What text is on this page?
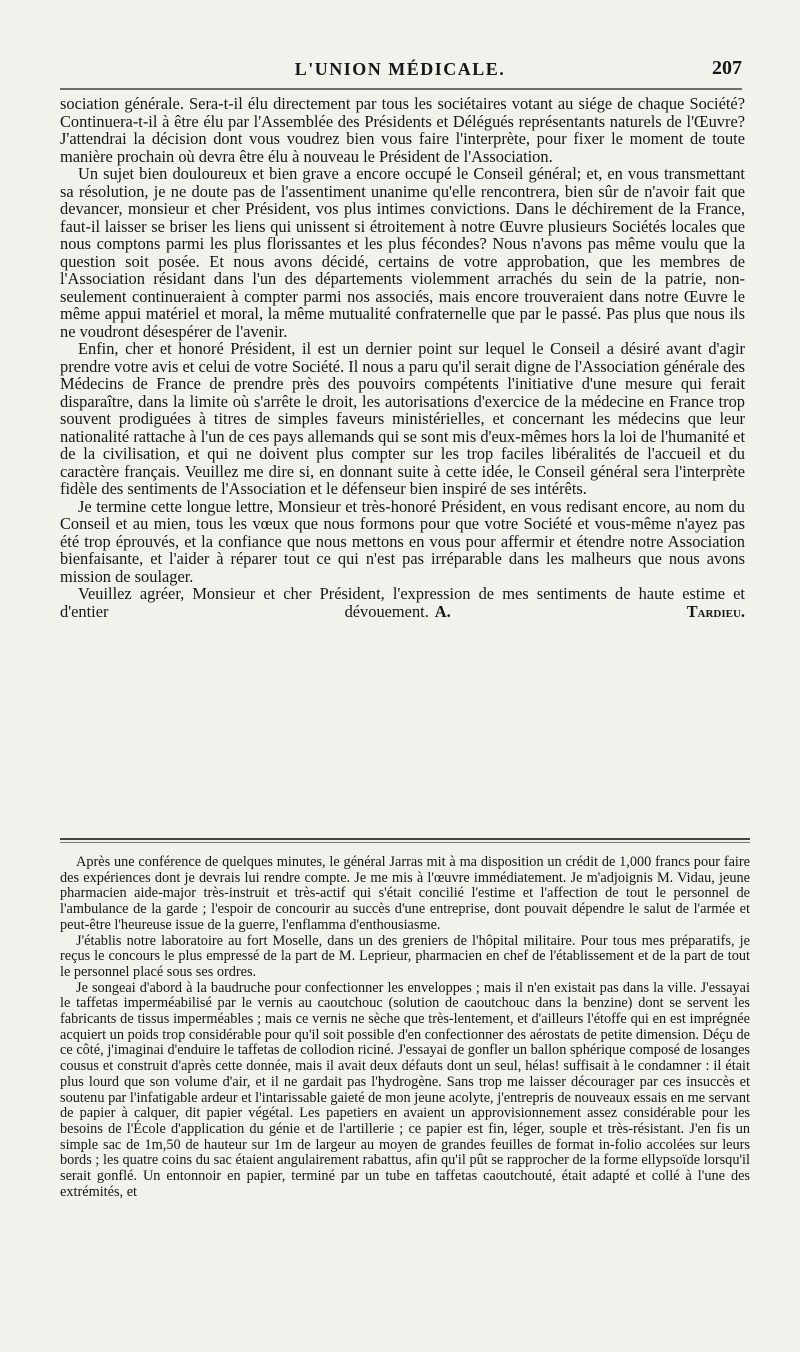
L'UNION MÉDICALE.	207

sociation générale. Sera-t-il élu directement par tous les sociétaires votant au siége de chaque Société? Continuera-t-il à être élu par l'Assemblée des Présidents et Délégués représentants naturels de l'Œuvre? J'attendrai la décision dont vous voudrez bien vous faire l'interprète, pour fixer le moment de toute manière prochain où devra être élu à nouveau le Président de l'Association.

Un sujet bien douloureux et bien grave a encore occupé le Conseil général; et, en vous transmettant sa résolution, je ne doute pas de l'assentiment unanime qu'elle rencontrera, bien sûr de n'avoir fait que devancer, monsieur et cher Président, vos plus intimes convictions. Dans le déchirement de la France, faut-il laisser se briser les liens qui unissent si étroitement à notre Œuvre plusieurs Sociétés locales que nous comptons parmi les plus florissantes et les plus fécondes? Nous n'avons pas même voulu que la question soit posée. Et nous avons décidé, certains de votre approbation, que les membres de l'Association résidant dans l'un des départements violemment arrachés du sein de la patrie, non-seulement continueraient à compter parmi nos associés, mais encore trouveraient dans notre Œuvre le même appui matériel et moral, la même mutualité confraternelle que par le passé. Pas plus que nous ils ne voudront désespérer de l'avenir.

Enfin, cher et honoré Président, il est un dernier point sur lequel le Conseil a désiré avant d'agir prendre votre avis et celui de votre Société. Il nous a paru qu'il serait digne de l'Association générale des Médecins de France de prendre près des pouvoirs compétents l'initiative d'une mesure qui ferait disparaître, dans la limite où s'arrête le droit, les autorisations d'exercice de la médecine en France trop souvent prodiguées à titres de simples faveurs ministérielles, et concernant les médecins que leur nationalité rattache à l'un de ces pays allemands qui se sont mis d'eux-mêmes hors la loi de l'humanité et de la civilisation, et qui ne doivent plus compter sur les trop faciles libéralités de l'accueil et du caractère français. Veuillez me dire si, en donnant suite à cette idée, le Conseil général sera l'interprète fidèle des sentiments de l'Association et le défenseur bien inspiré de ses intérêts.

Je termine cette longue lettre, Monsieur et très-honoré Président, en vous redisant encore, au nom du Conseil et au mien, tous les vœux que nous formons pour que votre Société et vous-même n'ayez pas été trop éprouvés, et la confiance que nous mettons en vous pour affermir et étendre notre Association bienfaisante, et l'aider à réparer tout ce qui n'est pas irréparable dans les malheurs que nous avons mission de soulager.

Veuillez agréer, Monsieur et cher Président, l'expression de mes sentiments de haute estime et d'entier dévouement. A. Tardieu.

Après une conférence de quelques minutes, le général Jarras mit à ma disposition un crédit de 1,000 francs pour faire des expériences dont je devrais lui rendre compte. Je me mis à l'œuvre immédiatement. Je m'adjoignis M. Vidau, jeune pharmacien aide-major très-instruit et très-actif qui s'était concilié l'estime et l'affection de tout le personnel de l'ambulance de la garde ; l'espoir de concourir au succès d'une entreprise, dont pouvait dépendre le salut de l'armée et peut-être l'heureuse issue de la guerre, l'enflamma d'enthousiasme.

J'établis notre laboratoire au fort Moselle, dans un des greniers de l'hôpital militaire. Pour tous mes préparatifs, je reçus le concours le plus empressé de la part de M. Leprieur, pharmacien en chef de l'établissement et de la part de tout le personnel placé sous ses ordres.

Je songeai d'abord à la baudruche pour confectionner les enveloppes ; mais il n'en existait pas dans la ville. J'essayai le taffetas imperméabilisé par le vernis au caoutchouc (solution de caoutchouc dans la benzine) dont se servent les fabricants de tissus imperméables ; mais ce vernis ne sèche que très-lentement, et d'ailleurs l'étoffe qui en est imprégnée acquiert un poids trop considérable pour qu'il soit possible d'en confectionner des aérostats de petite dimension. Déçu de ce côté, j'imaginai d'enduire le taffetas de collodion riciné. J'essayai de gonfler un ballon sphérique composé de losanges cousus et construit d'après cette donnée, mais il avait deux défauts dont un seul, hélas! suffisait à le condamner : il était plus lourd que son volume d'air, et il ne gardait pas l'hydrogène. Sans trop me laisser décourager par ces insuccès et soutenu par l'infatigable ardeur et l'intarissable gaieté de mon jeune acolyte, j'entrepris de nouveaux essais en me servant de papier à calquer, dit papier végétal. Les papetiers en avaient un approvisionnement assez considérable pour les besoins de l'École d'application du génie et de l'artillerie ; ce papier est fin, léger, souple et très-résistant. J'en fis un simple sac de 1m,50 de hauteur sur 1m de largeur au moyen de grandes feuilles de format in-folio accolées sur leurs bords ; les quatre coins du sac étaient angulairement rabattus, afin qu'il pût se rapprocher de la forme ellypsoïde lorsqu'il serait gonflé. Un entonnoir en papier, terminé par un tube en taffetas caoutchouté, était adapté et collé à l'une des extrémités, et
